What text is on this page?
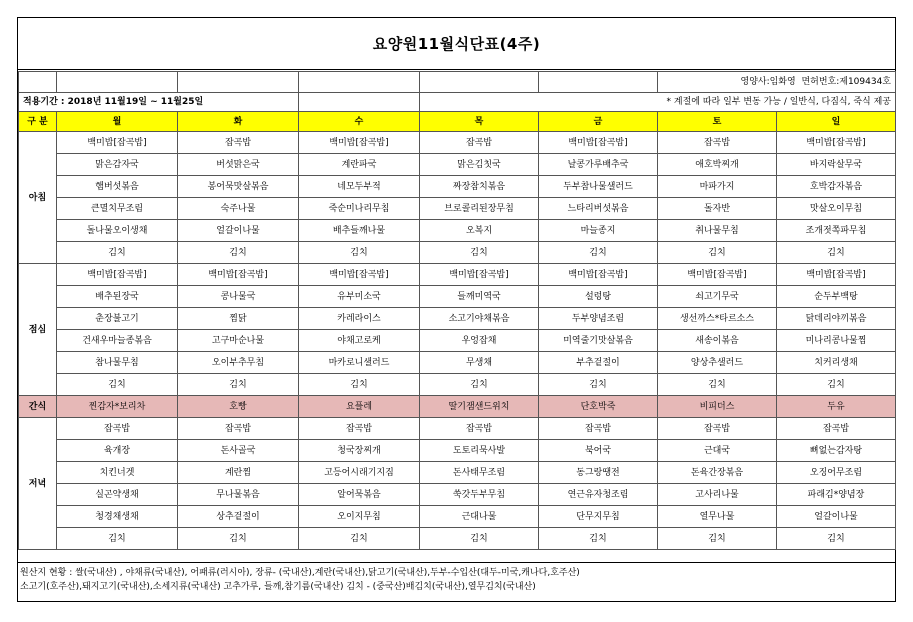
요양원11월식단표(4주)
						영양사:임화영 면허번호:제109434호	
적용기간 : 2018년 11월19일 ~ 11월25일				* 계절에 따라 일부 변동 가능 / 일반식, 다짐식, 죽식 제공			
구 분	월	화	수	목	금	토	일
아침	백미밥[잡곡밥]	잡곡밥	백미밥[잡곡밥]	잡곡밥	백미밥[잡곡밥]	잡곡밥	백미밥[잡곡밥]
	맑은감자국	버섯맑은국	계란파국	맑은김칫국	날콩가루배추국	애호박찌개	바지락살무국
	햄버섯볶음	봉어묵맛살볶음	네모두부적	짜장참치볶음	두부참나물샐러드	마파가지	호박감자볶음
	큰멸치무조림	숙주나물	죽순미나리무침	브로콜리된장무침	느타리버섯볶음	돌자반	맛살오이무침
	돌나물오이생채	얼갈이나물	배추들깨나물	오복지	마늘종지	취나물무침	조개젓쪽파무침
	김치	김치	김치	김치	김치	김치	김치
점심	백미밥[잡곡밥]	백미밥[잡곡밥]	백미밥[잡곡밥]	백미밥[잡곡밥]	백미밥[잡곡밥]	백미밥[잡곡밥]	백미밥[잡곡밥]
	배추된장국	콩나물국	유부미소국	들깨미역국	설렁탕	쇠고기무국	순두부백탕
	춘장불고기	찜닭	카레라이스	소고기야채볶음	두부양념조림	생선까스*타르소스	닭데리야끼볶음
	건새우마늘종볶음	고구마순나물	야채고로케	우엉잡채	미역줄기맛살볶음	새송이볶음	미나리콩나물찜
	참나물무침	오이부추무침	마카로니샐러드	무생채	부추겉절이	양상추샐러드	치커리생채
	김치	김치	김치	김치	김치	김치	김치
간식	찐감자*보리차	호빵	요플레	딸기잼샌드위치	단호박죽	비피더스	두유
저녁	잡곡밥	잡곡밥	잡곡밥	잡곡밥	잡곡밥	잡곡밥	잡곡밥
	육개장	돈사골국	청국장찌개	도토리묵사발	북어국	근대국	뼈없는감자탕
	치킨너겟	계란찜	고등어시래기지짐	돈사태무조림	동그랑땡전	돈육간장볶음	오징어무조림
	실곤약생채	무나물볶음	알어묵볶음	쑥갓두부무침	연근유자청조림	고사리나물	파래김*양념장
	청경채생채	상추겉절이	오이지무침	근대나물	단무지무침	열무나물	얼갈이나물
	김치	김치	김치	김치	김치	김치	김치
원산지 현황 : 쌀(국내산) , 야채류(국내산), 어패류(러시아), 장류- (국내산),계란(국내산),닭고기(국내산),두부-수입산(대두-미국,캐나다,호주산)
소고기(호주산),돼지고기(국내산),소세지류(국내산) 고추가루, 들깨,참기름(국내산) 김치 - (중국산)배김치(국내산),열무김치(국내산)
